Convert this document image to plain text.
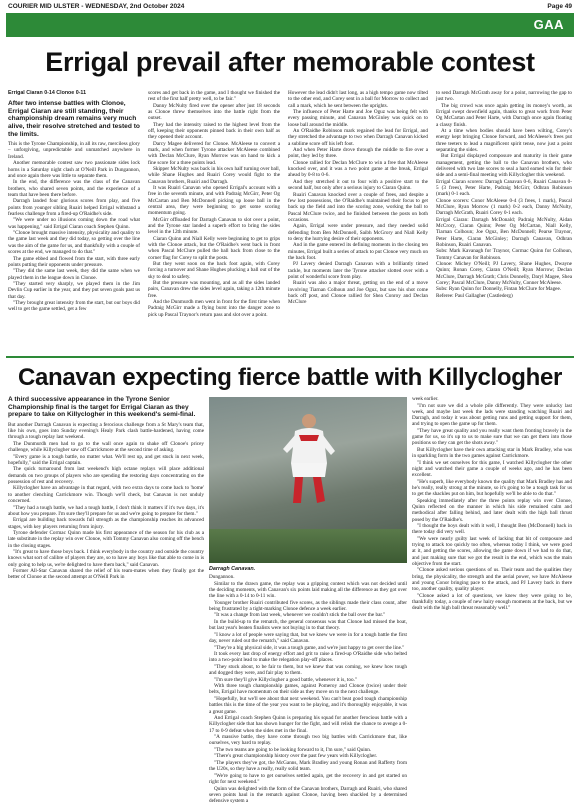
COURIER MID ULSTER - WEDNESDAY, 2nd October 2024	Page 49
GAA
Errigal prevail after memorable contest

Errigal Ciaran 0-14 Clonoe 0-11

After two intense battles with Clonoe, Errigal Ciaran are still standing, their championship dream remains very much alive, their resolve stretched and tested to the limits.

This is the Tyrone Championship, in all its raw, merciless glory – unforgiving, unpredictable and unmatched anywhere in Ireland.

Another memorable contest saw two passionate sides lock horns in a Saturday night clash at O'Neill Park in Dungannon, and once again there was little to separate them.

In the end, the difference was the class of the Canavan brothers, who shared seven points, and the experience of a team that have been there before.

Darragh landed four glorious scores from play, and five points from younger sibling Ruairi helped Errigal withstand a fearless challenge from a fired-up O'Raidhe's side.

"We were under no illusions coming down the road what was happening," said Errigal Ciaran coach Stephen Quinn.

"Clonoe brought massive intensity, physicality and quality to the game last week and they did today, so getting over the line was the aim of the game for us, and thankfully with a couple of scores at the end, we managed to do that."

The game ebbed and flowed from the start, with three early points putting their opponents under pressure.

"They did the same last week, they did the same when we played them in the league down in Clonoe.

"They started very sharply, we played them in the Jim Devlin Cup earlier in the year, and they put seven goals past us that day.

"They brought great intensity from the start, but our boys did well to get the game settled, get a few

scores and get back in the game, and I thought we finished the rest of the first half pretty well, to be fair."

Danny McNulty fired over the opener after just 18 seconds as Clonoe threw themselves into the battle right from the outset.

They had the intensity raised to the highest level from the off, keeping their opponents pinned back in their own half as they opened their account.

Darcy Magee delivered for Clonoe. McAleese to convert a mark, and when former Tyrone attacker McAleese combined with Declan McClure, Ryan Morrow was on hand to kick a fine score for a three points lead.

Skipper McNulty was back in his own half turning over ball, while Shane Hughes and Ruairi Corey would fight to the Canavan brothers, Ruairi and Darragh.

It was Ruairi Canavan who opened Errigal's account with a free in the seventh minute, and with Padraig McGirr, Peter Og McCartan and Ben McDonnell picking up loose ball in the central area, they were beginning to get some scoring momentum going.

McGirr offloaded for Darragh Canavan to slot over a point, and the Tyrone star landed a superb effort to bring the sides level in the 12th minute.

Ciaran Quinn and Niall Kelly were beginning to get to grips with the Clonoe attack, but the O'Raidhe's went back in front when Pascal McClure pulled the ball back from close to the corner flag for Corey to split the posts.

But they went soon on the back foot again, with Corey forcing a turnover and Shane Hughes plucking a ball out of the sky to deal to safety.

But the pressure was mounting, and as all the sides landed pairs, Canavan drew the sides level again, taking a 12th minute free.

And the Dunmurdh men went in front for the first time when Padraig McGirr made a flying burst into the danger zone to pick up Pascal Traynor's return pass and slot over a point.

However the lead didn't last long, as a high tempo game now tilted to the other end, and Corey sent in a ball for Morrow to collect and call a mark, which he sent between the uprights.

The influence of Peter Harte and Joe Oguz was being felt with every passing minute, and Canavan McGinley was quick on to loose ball around the middle.

An O'Raidhe Robinson mark regained the lead for Errigal, and they stretched the advantage to two when Darragh Canavan kicked a sublime score off his left foot.

And when Peter Harte drove through the middle to fire over a point, they led by three.

Clonoe rallied for Declan McClure to win a free that McAleese knocked over, and it was a two point game at the break, Errigal ahead by 0-8 to 0-6.

And they stretched it out to four with a positive start to the second half, but only after a serious injury to Ciaran Quinn.

Ruairi Canavan knocked over a couple of frees, and despite a few lost possessions, the O'Raidhe's maintained their focus to get back up the field and into the scoring zone, working the ball to Pascal McClure twice, and he finished between the posts on both occasions.

Again, Errigal were under pressure, and they needed solid defending from Ben McDonnell, Saibh McGrory and Niall Kelly to deny the hurrying desire of their opponents.

And in the game entered its defining moments in the closing ten minutes, Errigal built a series of attack to put Clonoe very much on the back foot.

PJ Lavery denied Darragh Canavan with a brilliantly timed tackle, but moments later the Tyrone attacker slotted over with a point of wonderful score from play.

Ruairi was also a major threat, getting on the end of a move involving Tiarnan Colhoun and Joe Oguz, but saw his shot come back off post, and Clonoe rallied for Shea Conroy and Declan McClure

to send Darragh McGrath away for a point, narrowing the gap to just two.

The big crowd was once again getting its money's worth, as Errigal swept downfield again, thanks to great work from Peter Og McCartan and Peter Harte, with Darragh once again floating a classy finish.

At a time when bodies should have been wilting, Corey's energy kept bringing Clonoe forward, and McAleese's frees put three teeters to lead a magnificent spirit tense, now just a point separating the sides.

But Errigal displayed composure and maturity in their game management, getting the ball to the Canavan brothers, who delivered with two late scores to seal a hard earned win for their side and a semi-final meeting with Killyclogher this weekend.

Errigal Ciaran scorers: Darragh Canavan 0-6, Ruairi Canavan 0-5 (3 frees), Peter Harte, Padraig McGirr, Odhran Robinson (mark) 0-1 each.

Clonoe scorers: Conor McAleese 0-4 (3 frees, 1 mark), Pascal McClure, Ryan Morrow (1 mark) 0-2 each, Danny McNulty, Darragh McGrath, Ruairi Corey 0-1 each.

Errigal Ciaran: Darragh McDonald; Padraig McNulty, Aidan McCrory, Ciaran Quinn; Peter Og McCartan, Niall Kelly, Tiarnan Colhoun; Joe Oguz, Ben McDonnell; Pearse Traynor, Peter Harte, Ciaran McGinley; Darragh Canavan, Odhran Robinson, Ruairi Canavan.

Subs: Mark Kavanagh for Traynor, Cormac Quinn for Colhoun, Tommy Canavan for Robinson.

Clonoe: Michey O'Neill; PJ Lavery, Shane Hughes, Dwayne Quinn; Ronan Corey, Ciaran O'Neill; Ryan Morrow; Declan McClure, Darragh McGrath; Chris Donnelly, Daryl Magee, Shea Corey; Pascal McClure, Danny McNulty, Conner McAleese.

Subs: Ryan Quinn for Donnelly, Fintan McClure for Magee.

Referee: Paul Gallagher (Castlederg)

Canavan expecting fierce battle with Killyclogher

A third successive appearance in the Tyrone Senior Championship final is the target for Errigal Ciaran as they prepare to take on Killyclogher in this weekend's semi-final.

But another Darragh Canavan is expecting a ferocious challenge from a St Mary's team that, like his own, goes into Sunday evening's Healy Park clash battle-hardened, having come through a tough replay last weekend.

The Dunmurdh men had to go to the wall once again to shake off Clonoe's pricey challenge, while Killyclogher saw off Carrickmore at the second time of asking.

"Every game is a tough battle, no matter what. We'll rest up, and get stuck in next week, hopefully," said the Errigal captain.

The quick turnaround from last weekend's high octane replays will place additional demands on two groups of players who are spending the restoring days concentrating on the possession of rest and recovery.

Killyclogher have an advantage in that regard, with two extra days to come back to 'home' to another clenching Carrickmore win. Though we'll check, but Canavan is not unduly concerned.

"They had a tough battle, we had a tough battle, I don't think it matters if it's two days, it's about how you prepare. I'm sure they'll prepare for us and we're going to prepare for them."

Errigal are building back towards full strength as the championship reaches its advanced stages, with key players returning from injury.

Tyrone defender Cormac Quinn made his first appearance of the season for his club as a late substitute in the replay win over Clonoe, with Tommy Canavan also coming off the bench in the closing stages.

"It's great to have those boys back. I think everybody in the country and outside the country knows what sort of calibre of players they are, so to have any boys like that able to come in is only going to help us, we're delighted to have them back," said Canavan.

Former All-Star Canavan shared the relief of his team-mates when they finally got the better of Clonoe at the second attempt at O'Neill Park in

Darragh Canavan.

Dungannon.

Similar to the drawn game, the replay was a gripping contest which was not decided until the deciding moments, with Canavan's six points laid making all the difference as they got over the line with a 0-14 to 0-11 win.

Younger brother Ruairi contributed five scores, as the siblings made their class count, after being frustrated by a tight-marking Clonoe defence a week earlier.

"It was a change from last week, whenever we couldn't stick the ball over the bar."

In the build-up to the rematch, the general consensus was that Clonoe had missed the boat, but last year's beaten finalists were not buying in to that theory.

"I know a lot of people were saying that, but we knew we were in for a tough battle the first day, never ruled out the rematch," said Canavan.

"They're a big physical side, it was a tough game, and we're just happy to get over the line."

It took every last drop of energy effort and grit to raise a fired-up O'Raidhe side who belted into a two-point lead to make the relegation play-off places.

"They stuck about, to be fair to them, but we knew that was coming, we knew how tough and dogged they were, and fair play to them.

"I'm sure they'll give Killyclogher a good battle, whenever it is, too."

With three tough championship games, against Pomeroy and Clonoe (twice) under their belts, Errigal have momentum on their side as they move on to the next challenge.

"Hopefully, but we'll see about that next weekend. You can't beat good tough championship battles this is the time of the year you want to be playing, and it's thoroughly enjoyable, it was a great game.

And Errigal coach Stephen Quinn is preparing his squad for another ferocious battle with a Killyclogher side that has shown hunger for the fight, and will relish the chance to avenge a 0-17 to 0-9 defeat when the sides met in the final.

"A massive battle, they have come through two big battles with Carrickmore that, like ourselves, very hard to replay.

"The two teams are going to be looking forward to it, I'm sure," said Quinn.

"There's great championship history over the past few years with Killyclogher.

"The players they've got, the McGanns, Mark Bradley and young Ronan and Rafferty from the U20s, so they have a really, really solid team.

"We're going to have to get ourselves settled again, get the recovery in and get started on right for next weekend."

Quinn was delighted with the form of the Canavan brothers, Darragh and Ruairi, who shared seven points haul in the rematch against Clonoe, having been shackled by a determined defensive system a

week earlier.

"I'm not sure we did a whole pile differently. They were unlucky last week, and maybe last week the lads were standing watching Ruairi and Darragh, and today it was about getting runs and getting support for them, and trying to open the game up for them.

"They have great quality and you really want them fronting bravely in the game for us, so it's up to us to make sure that we can get them into those positions so they can get the shots away."

But Killyclogher have their own attacking star in Mark Bradley, who was in sparkling form in the two games against Carrickmore.

"I think we set ourselves for this game, I watched Killyclogher the other night and watched their game a couple of weeks ago, and he has been excellent.

"He's superb, like everybody known the quality that Mark Bradley has and he's really, really strong at the minute, so it's going to be a tough task for us to get the shackles put on him, but hopefully we'll be able to do that."

Speaking immediately after the three points replay win over Clonoe, Quinn reflected on the manner in which his side remained calm and methodical after falling behind, and later dealt with the high ball thrust posed by the O'Raidhe's.

"I thought the boys dealt with it well, I thought Ben (McDonnell) back in there today did very well.

"We were nearly guilty last week of lacking that bit of composure and trying to attack too quickly too often, whereas today I think, we were good at it, and getting the scores, allowing the game down if we had to do that, and just making sure that we got the result in the end, which was the main objective from the start.

"Clonoe asked serious questions of us. Their team and the qualities they bring, the physicality, the strength and the aerial power, we have McAleese and young Conor bringing pace to the attack, and PJ Lavery back in there too, another quality, quality player.

"Clonoe asked a lot of questions, we knew they were going to be, thankfully today, a couple of new hairy enough moments at the back, but we dealt with the high ball threat reasonably well."
